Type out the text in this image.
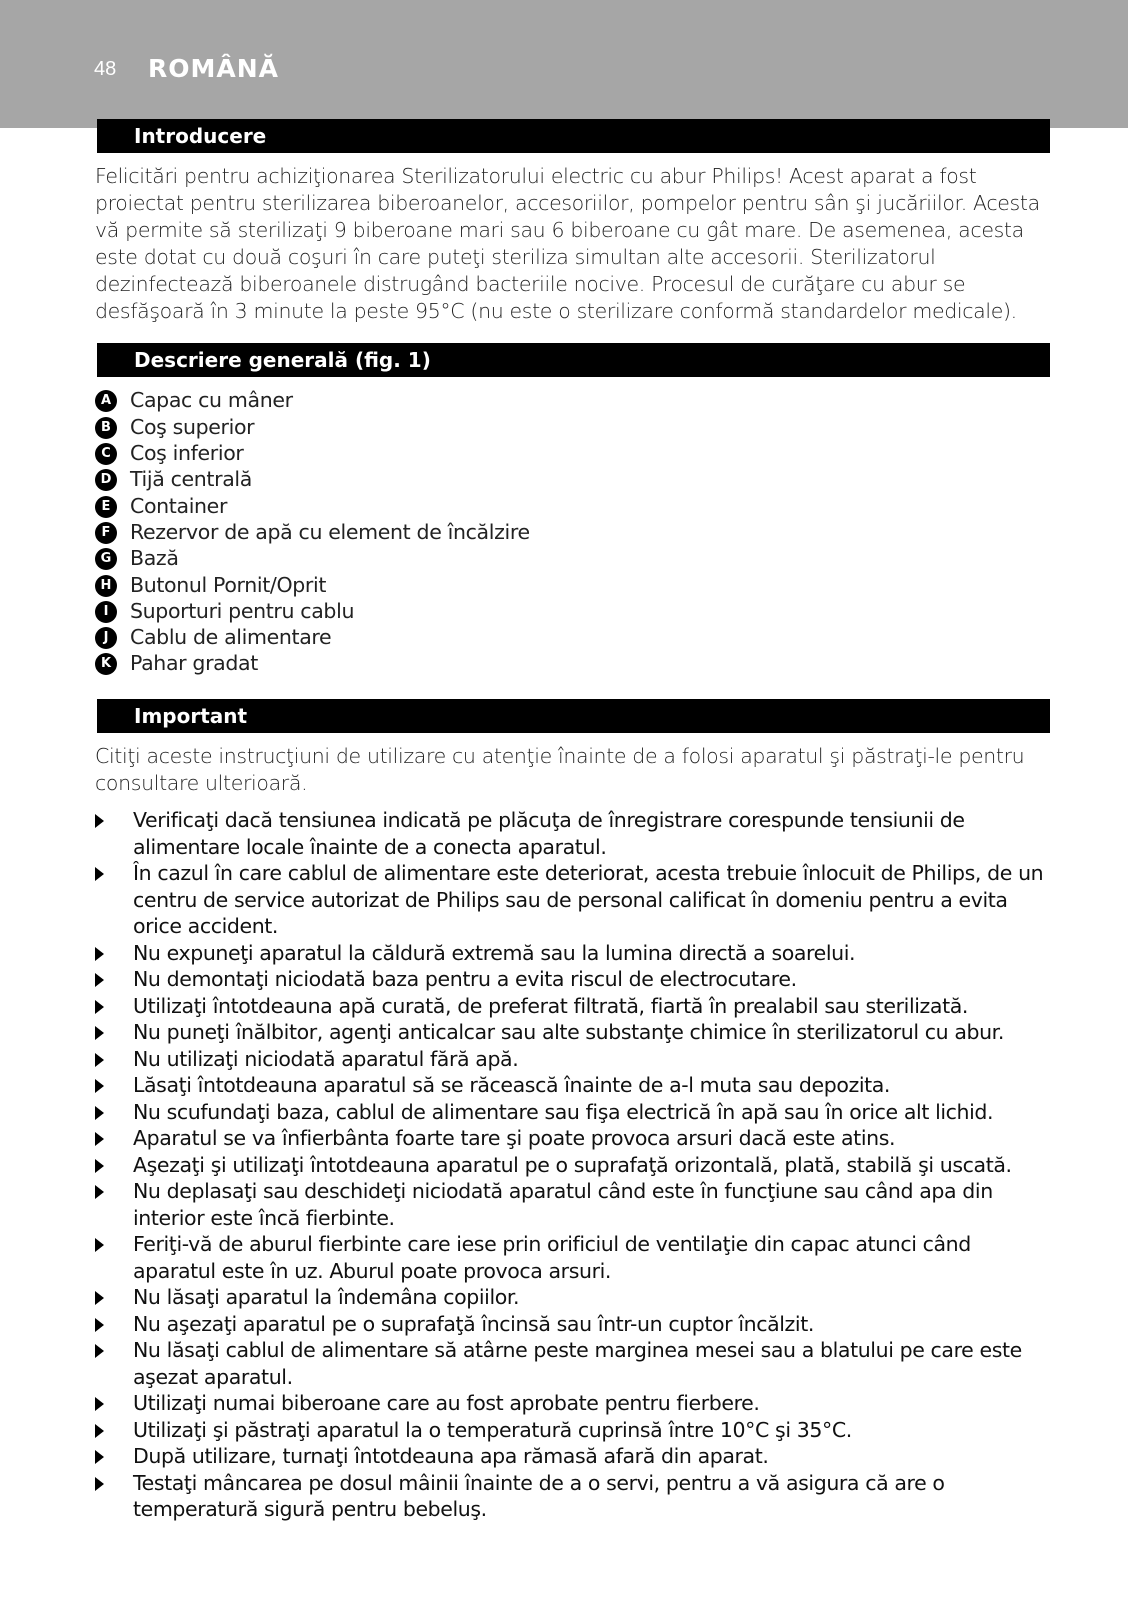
48 ROMÂNĂ
Introducere
Felicitări pentru achiziţionarea Sterilizatorului electric cu abur Philips! Acest aparat a fost proiectat pentru sterilizarea biberoanelor, accesoriilor, pompelor pentru sân şi jucăriilor. Acesta vă permite să sterilizaţi 9 biberoane mari sau 6 biberoane cu gât mare. De asemenea, acesta este dotat cu două coşuri în care puteţi steriliza simultan alte accesorii. Sterilizatorul dezinfectează biberoanele distrugând bacteriile nocive. Procesul de curăţare cu abur se desfăşoară în 3 minute la peste 95°C (nu este o sterilizare conformă standardelor medicale).
Descriere generală (fig. 1)
A Capac cu mâner
B Coş superior
C Coş inferior
D Tijă centrală
E Container
F Rezervor de apă cu element de încălzire
G Bază
H Butonul Pornit/Oprit
I	Suporturi pentru cablu
J	Cablu de alimentare
K Pahar gradat
Important
Citiţi aceste instrucţiuni de utilizare cu atenţie înainte de a folosi aparatul şi păstraţi-le pentru consultare ulterioară.
Verificaţi dacă tensiunea indicată pe plăcuţa de înregistrare corespunde tensiunii de alimentare locale înainte de a conecta aparatul.
În cazul în care cablul de alimentare este deteriorat, acesta trebuie înlocuit de Philips, de un centru de service autorizat de Philips sau de personal calificat în domeniu pentru a evita orice accident.
Nu expuneţi aparatul la căldură extremă sau la lumina directă a soarelui.
Nu demontaţi niciodată baza pentru a evita riscul de electrocutare.
Utilizaţi întotdeauna apă curată, de preferat filtrată, fiartă în prealabil sau sterilizată.
Nu puneţi înălbitor, agenţi anticalcar sau alte substanţe chimice în sterilizatorul cu abur.
Nu utilizaţi niciodată aparatul fără apă.
Lăsaţi întotdeauna aparatul să se răcească înainte de a-l muta sau depozita.
Nu scufundaţi baza, cablul de alimentare sau fişa electrică în apă sau în orice alt lichid.
Aparatul se va înfierbânta foarte tare şi poate provoca arsuri dacă este atins.
Aşezaţi şi utilizaţi întotdeauna aparatul pe o suprafaţă orizontală, plată, stabilă şi uscată.
Nu deplasaţi sau deschideţi niciodată aparatul când este în funcţiune sau când apa din interior este încă fierbinte.
Feriţi-vă de aburul fierbinte care iese prin orificiul de ventilaţie din capac atunci când aparatul este în uz. Aburul poate provoca arsuri.
Nu lăsaţi aparatul la îndemâna copiilor.
Nu aşezaţi aparatul pe o suprafaţă încinsă sau într-un cuptor încălzit.
Nu lăsaţi cablul de alimentare să atârne peste marginea mesei sau a blatului pe care este aşezat aparatul.
Utilizaţi numai biberoane care au fost aprobate pentru fierbere.
Utilizaţi şi păstraţi aparatul la o temperatură cuprinsă între 10°C şi 35°C.
După utilizare, turnaţi întotdeauna apa rămasă afară din aparat.
Testaţi mâncarea pe dosul mâinii înainte de a o servi, pentru a vă asigura că are o temperatură sigură pentru bebeluş.
